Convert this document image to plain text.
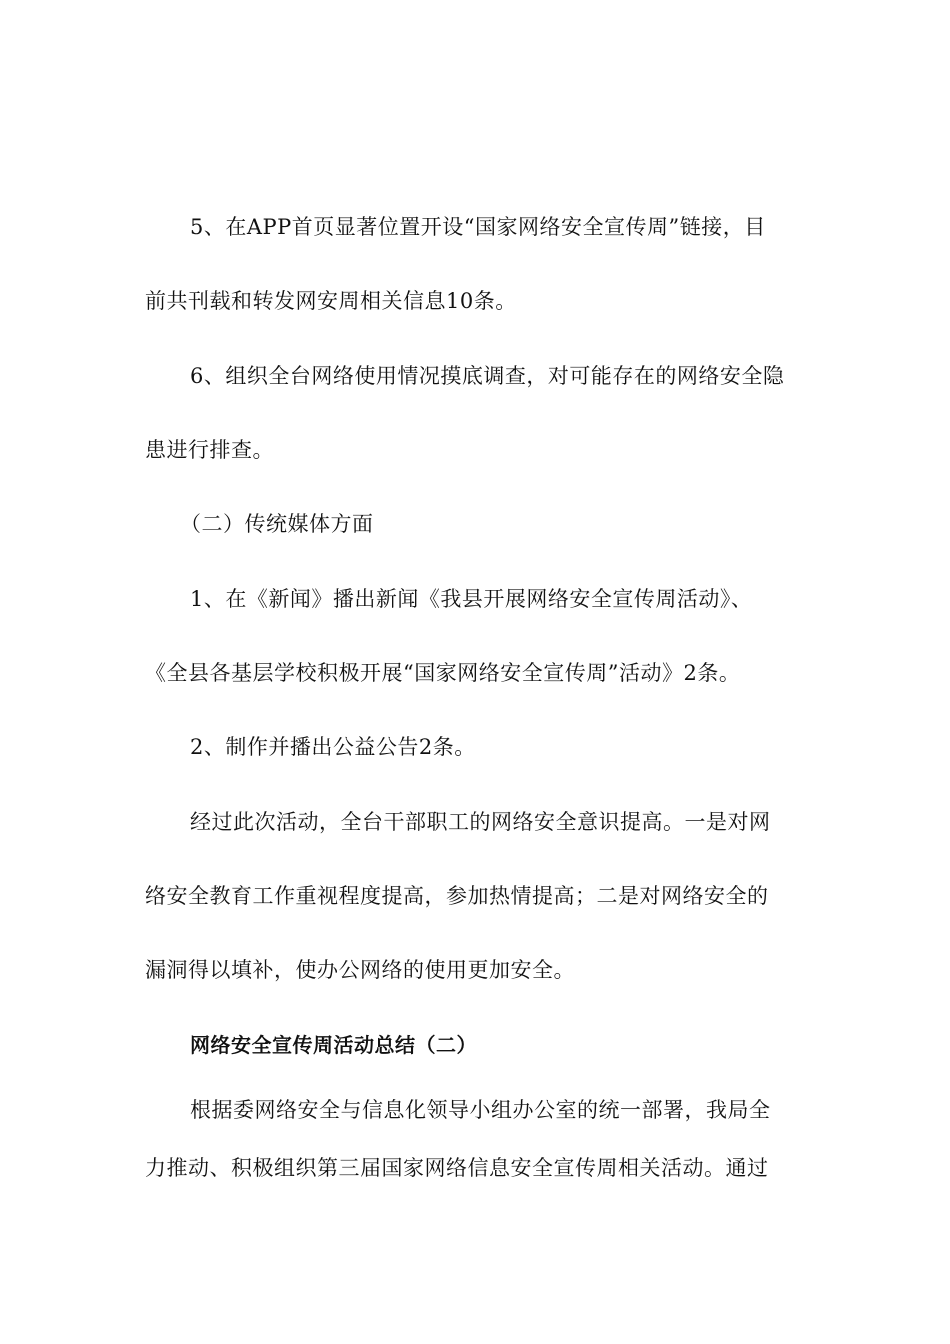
5、在APP首页显著位置开设“国家网络安全宣传周”链接，目
前共刊载和转发网安周相关信息10条。
6、组织全台网络使用情况摸底调查，对可能存在的网络安全隐
患进行排查。
（二）传统媒体方面
1、在《新闻》播出新闻《我县开展网络安全宣传周活动》、
《全县各基层学校积极开展“国家网络安全宣传周”活动》2条。
2、制作并播出公益公告2条。
经过此次活动，全台干部职工的网络安全意识提高。一是对网
络安全教育工作重视程度提高，参加热情提高；二是对网络安全的
漏洞得以填补，使办公网络的使用更加安全。
网络安全宣传周活动总结（二）
根据委网络安全与信息化领导小组办公室的统一部署，我局全
力推动、积极组织第三届国家网络信息安全宣传周相关活动。通过
